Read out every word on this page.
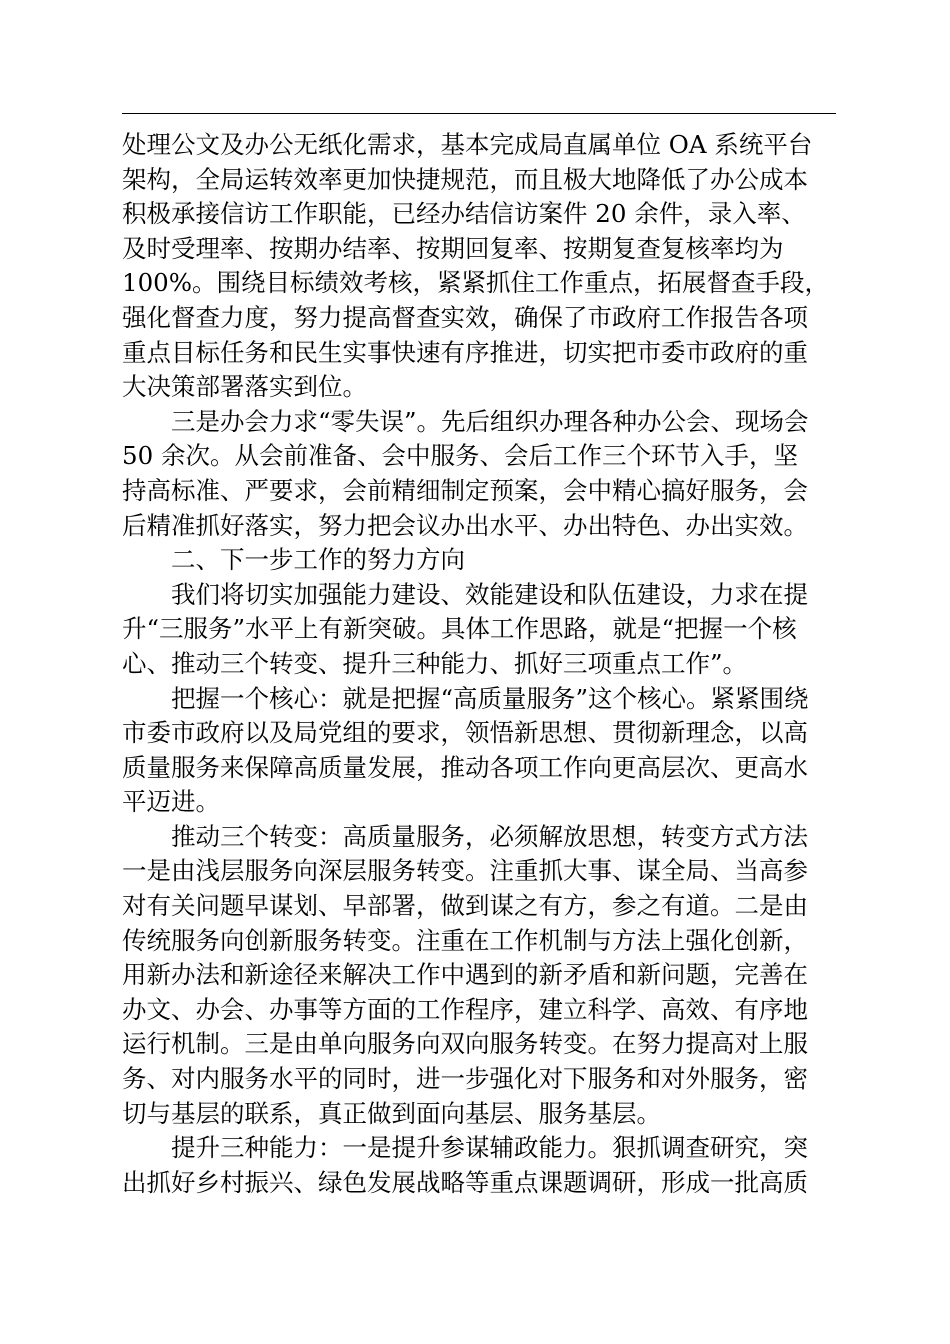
处理公文及办公无纸化需求，基本完成局直属单位 OA 系统平台
架构，全局运转效率更加快捷规范，而且极大地降低了办公成本
积极承接信访工作职能，已经办结信访案件 20 余件，录入率、
及时受理率、按期办结率、按期回复率、按期复查复核率均为
100%。围绕目标绩效考核，紧紧抓住工作重点，拓展督查手段，
强化督查力度，努力提高督查实效，确保了市政府工作报告各项
重点目标任务和民生实事快速有序推进，切实把市委市政府的重
大决策部署落实到位。
三是办会力求“零失误”。先后组织办理各种办公会、现场会
50 余次。从会前准备、会中服务、会后工作三个环节入手，坚
持高标准、严要求，会前精细制定预案，会中精心搞好服务，会
后精准抓好落实，努力把会议办出水平、办出特色、办出实效。
二、下一步工作的努力方向
我们将切实加强能力建设、效能建设和队伍建设，力求在提
升“三服务”水平上有新突破。具体工作思路，就是“把握一个核
心、推动三个转变、提升三种能力、抓好三项重点工作”。
把握一个核心：就是把握“高质量服务”这个核心。紧紧围绕
市委市政府以及局党组的要求，领悟新思想、贯彻新理念，以高
质量服务来保障高质量发展，推动各项工作向更高层次、更高水
平迈进。
推动三个转变：高质量服务，必须解放思想，转变方式方法
一是由浅层服务向深层服务转变。注重抓大事、谋全局、当高参
对有关问题早谋划、早部署，做到谋之有方，参之有道。二是由
传统服务向创新服务转变。注重在工作机制与方法上强化创新，
用新办法和新途径来解决工作中遇到的新矛盾和新问题，完善在
办文、办会、办事等方面的工作程序，建立科学、高效、有序地
运行机制。三是由单向服务向双向服务转变。在努力提高对上服
务、对内服务水平的同时，进一步强化对下服务和对外服务，密
切与基层的联系，真正做到面向基层、服务基层。
提升三种能力：一是提升参谋辅政能力。狠抓调查研究，突
出抓好乡村振兴、绿色发展战略等重点课题调研，形成一批高质
